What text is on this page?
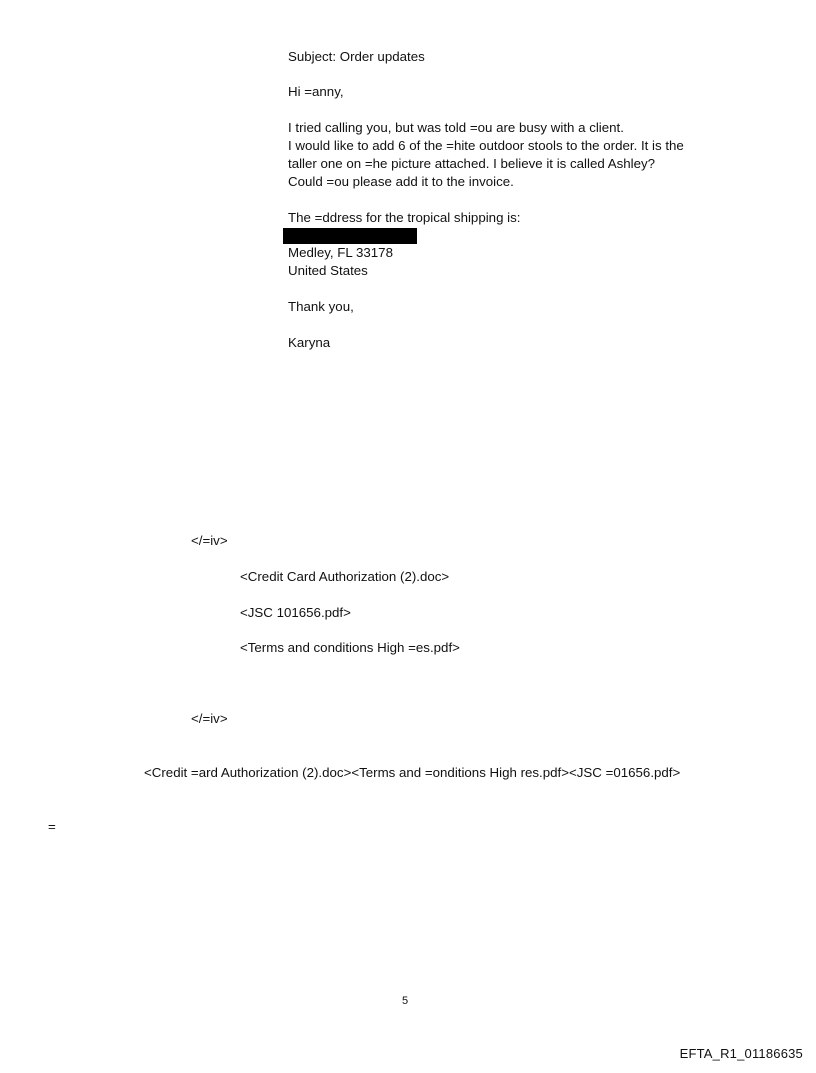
Subject: Order updates
Hi =anny,
I tried calling you, but was told =ou are busy with a client.
I would like to add 6 of the =hite outdoor stools to the order. It is the
taller one on =he picture attached. I believe it is called Ashley?
Could =ou please add it to the invoice.
The =ddress for the tropical shipping is:
Medley, FL 33178
United States
Thank you,
Karyna
</=iv>
<Credit Card Authorization (2).doc>
<JSC 101656.pdf>
<Terms and conditions High =es.pdf>
</=iv>
<Credit =ard Authorization (2).doc><Terms and =onditions High res.pdf><JSC =01656.pdf>
=
5
EFTA_R1_01186635
